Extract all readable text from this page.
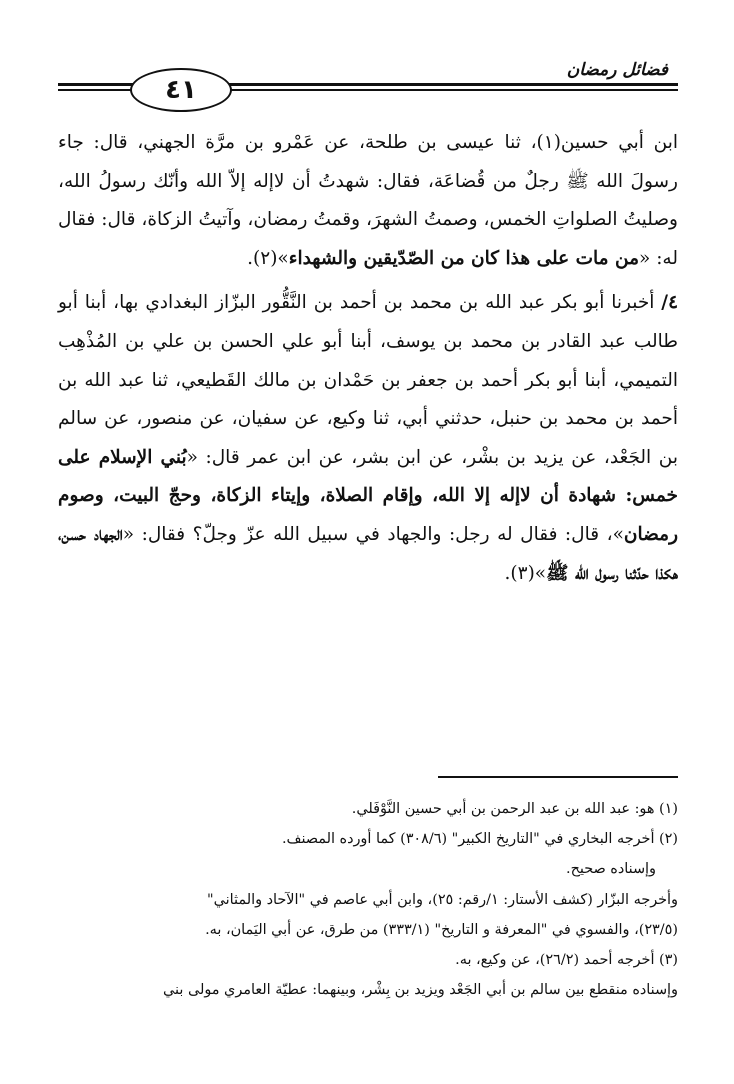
فضائل رمضان
٤١

ابن أبي حسين(١)، ثنا عيسى بن طلحة، عن عَمْرو بن مرَّة الجهني، قال: جاء رسولَ الله ﷺ رجلٌ من قُضاعَة، فقال: شهدتُ أن لاإله إلاّ الله وأنّك رسولُ الله، وصليتُ الصلواتِ الخمس، وصمتُ الشهرَ، وقمتُ رمضان، وآتيتُ الزكاة، قال: فقال له: «من مات على هذا كان من الصّدّيقين والشهداء»(٢).

٤/ أخبرنا أبو بكر عبد الله بن محمد بن أحمد بن النَّقُّور البزّاز البغدادي بها، أبنا أبو طالب عبد القادر بن محمد بن يوسف، أبنا أبو علي الحسن بن علي بن المُذْهِب التميمي، أبنا أبو بكر أحمد بن جعفر بن حَمْدان بن مالك القَطيعي، ثنا عبد الله بن أحمد بن محمد بن حنبل، حدثني أبي، ثنا وكيع، عن سفيان، عن منصور، عن سالم بن الجَعْد، عن يزيد بن بشْر، عن ابن بشر، عن ابن عمر قال: «بُني الإسلام على خمس: شهادة أن لاإله إلا الله، وإقام الصلاة، وإيتاء الزكاة، وحجّ البيت، وصوم رمضان»، قال: فقال له رجل: والجهاد في سبيل الله عزّ وجلّ؟ فقال: «الجهاد حسن، هكذا حدّثنا رسول الله ﷺ»(٣).

(١) هو: عبد الله بن عبد الرحمن بن أبي حسين النَّوْفَلي.

(٢) أخرجه البخاري في "التاريخ الكبير" (٣٠٨/٦) كما أورده المصنف.

وإسناده صحيح.

وأخرجه البزّار (كشف الأستار: ١/رقم: ٢٥)، وابن أبي عاصم في "الآحاد والمثاني"

(٢٣/٥)، والفسوي في "المعرفة و التاريخ" (٣٣٣/١) من طرق، عن أبي اليَمان، به.

(٣) أخرجه أحمد (٢٦/٢)، عن وكيع، به.

وإسناده منقطع بين سالم بن أبي الجَعْد ويزيد بن بِشْر، وبينهما: عطيّة العامري مولى بني
